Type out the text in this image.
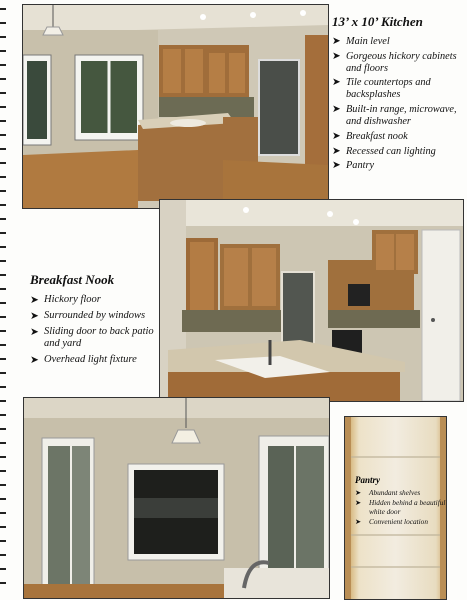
13’ x 10’ Kitchen
➤ Main level
➤ Gorgeous hickory cabinets and floors
➤ Tile countertops and backsplashes
➤ Built-in range, microwave, and dishwasher
➤ Breakfast nook
➤ Recessed can lighting
➤ Pantry
Breakfast Nook
➤ Hickory floor
➤ Surrounded by windows
➤ Sliding door to back patio and yard
➤ Overhead light fixture
Pantry
➤ Abundant shelves
➤ Hidden behind a beautiful white door
➤ Convenient location
